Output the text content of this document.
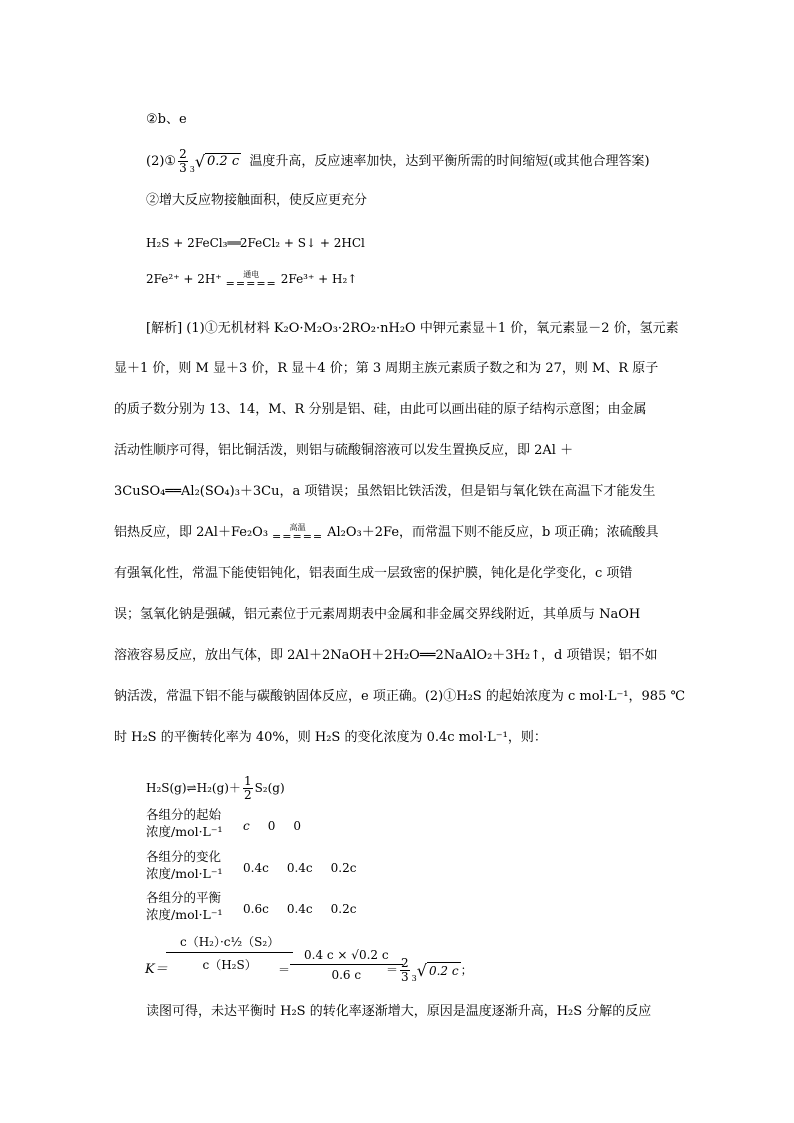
②b、e
(2)① $\frac{2}{3} 3$ √ 0.2 c 温度升高，反应速率加快，达到平衡所需的时间缩短(或其他合理答案)
②增大反应物接触面积，使反应更充分
H₂S + 2FeCl₃══2FeCl₂ + S↓ + 2HCl
2Fe²⁺ + 2H⁺	通电
===== 2Fe³⁺ + H₂↑
[解析] (1)①无机材料 K₂O·M₂O₃·2RO₂·nH₂O 中钾元素显＋1 价，氧元素显－2 价，氢元素
显＋1 价，则 M 显＋3 价，R 显＋4 价；第 3 周期主族元素质子数之和为 27，则 M、R 原子
的质子数分别为 13、14，M、R 分别是铝、硅，由此可以画出硅的原子结构示意图；由金属
活动性顺序可得，铝比铜活泼，则铝与硫酸铜溶液可以发生置换反应，即 2Al ＋
3CuSO₄══Al₂(SO₄)₃＋3Cu，a 项错误；虽然铝比铁活泼，但是铝与氧化铁在高温下才能发生
铝热反应，即 2Al＋Fe₂O₃	高温
===== Al₂O₃＋2Fe，而常温下则不能反应，b 项正确；浓硫酸具
有强氧化性，常温下能使铝钝化，铝表面生成一层致密的保护膜，钝化是化学变化，c 项错
误；氢氧化钠是强碱，铝元素位于元素周期表中金属和非金属交界线附近，其单质与 NaOH
溶液容易反应，放出气体，即 2Al＋2NaOH＋2H₂O══2NaAlO₂＋3H₂↑，d 项错误；铝不如
钠活泼，常温下铝不能与碳酸钠固体反应，e 项正确。(2)①H₂S 的起始浓度为 c mol·L⁻¹，985 ℃
时 H₂S 的平衡转化率为 40%，则 H₂S 的变化浓度为 0.4c mol·L⁻¹，则：
H₂S(g)⇌H₂(g)＋ $\frac{1}{2} S_2(g)$
各组分的起始
浓度/mol·L⁻¹	c 0 0
各组分的变化
浓度/mol·L⁻¹	0.4c 0.4c 0.2c
各组分的平衡
浓度/mol·L⁻¹	0.6c 0.4c 0.2c
K＝
$\frac{\text{c（H₂）·c½（S₂）}}{\text{c（H₂S）}}$
＝ $\frac{0.4 c \times √0.2 c}{0.6 c}$
＝ $\frac{2}{3} 3$ √ 0.2 c ；
读图可得，未达平衡时 H₂S 的转化率逐渐增大，原因是温度逐渐升高，H₂S 分解的反应
